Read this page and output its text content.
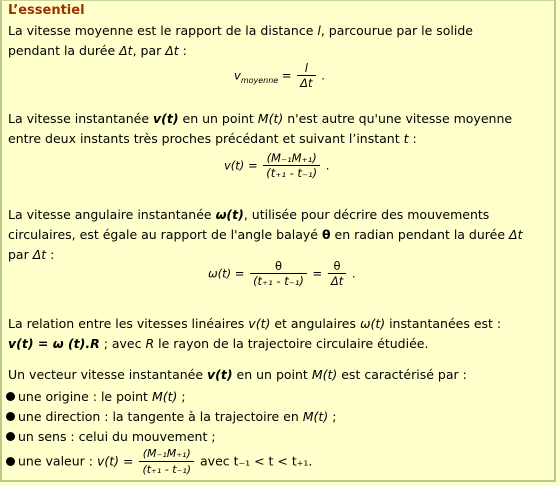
L’essentiel
La vitesse moyenne est le rapport de la distance l, parcourue par le solide
pendant la durée Δt, par Δt :
$v_{moyenne} = \frac{l}{\Delta t}$ .
La vitesse instantanée v(t) en un point M(t) n'est autre qu'une vitesse moyenne
entre deux instants très proches précédant et suivant l’instant t :
$v(t) = \frac{\text{(M₋₁M₊₁)}}{\text{(t₊₁ - t₋₁)}}$ .
La vitesse angulaire instantanée ω(t), utilisée pour décrire des mouvements
circulaires, est égale au rapport de l'angle balayé θ en radian pendant la durée Δt
par Δt :
$\omega(t) = \frac{\theta}{\text{(t₊₁ - t₋₁)}} = \frac{\theta}{\Delta t}$ .
La relation entre les vitesses linéaires v(t) et angulaires ω(t) instantanées est :
v(t) = ω (t).R ; avec R le rayon de la trajectoire circulaire étudiée.
Un vecteur vitesse instantanée v(t) en un point M(t) est caractérisé par :
une origine : le point M(t) ;
une direction : la tangente à la trajectoire en M(t) ;
un sens : celui du mouvement ;
une valeur : $v(t) = \frac{\text{(M₋₁M₊₁)}}{\text{(t₊₁ - t₋₁)}}$ avec t₋₁ < t < t₊₁.
